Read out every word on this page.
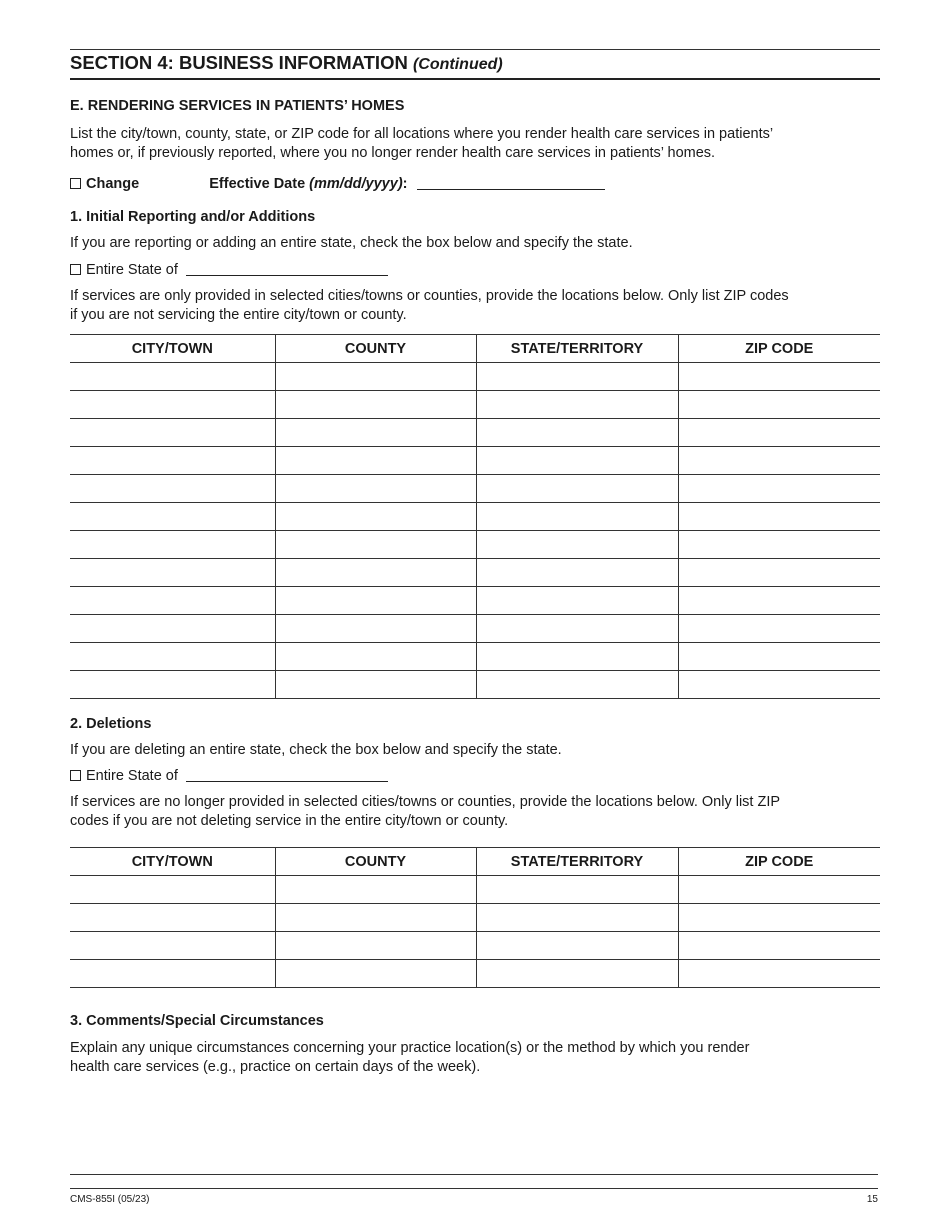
SECTION 4: BUSINESS INFORMATION (Continued)
E. RENDERING SERVICES IN PATIENTS’ HOMES
List the city/town, county, state, or ZIP code for all locations where you render health care services in patients’
homes or, if previously reported, where you no longer render health care services in patients’ homes.
Change	Effective Date (mm/dd/yyyy):
1. Initial Reporting and/or Additions
If you are reporting or adding an entire state, check the box below and specify the state.
Entire State of
If services are only provided in selected cities/towns or counties, provide the locations below. Only list ZIP codes
if you are not servicing the entire city/town or county.
CITY/TOWN	COUNTY	STATE/TERRITORY	ZIP CODE

2. Deletions
If you are deleting an entire state, check the box below and specify the state.
Entire State of
If services are no longer provided in selected cities/towns or counties, provide the locations below. Only list ZIP
codes if you are not deleting service in the entire city/town or county.
CITY/TOWN	COUNTY	STATE/TERRITORY	ZIP CODE

3. Comments/Special Circumstances
Explain any unique circumstances concerning your practice location(s) or the method by which you render
health care services (e.g., practice on certain days of the week).
CMS-855I (05/23)	15
